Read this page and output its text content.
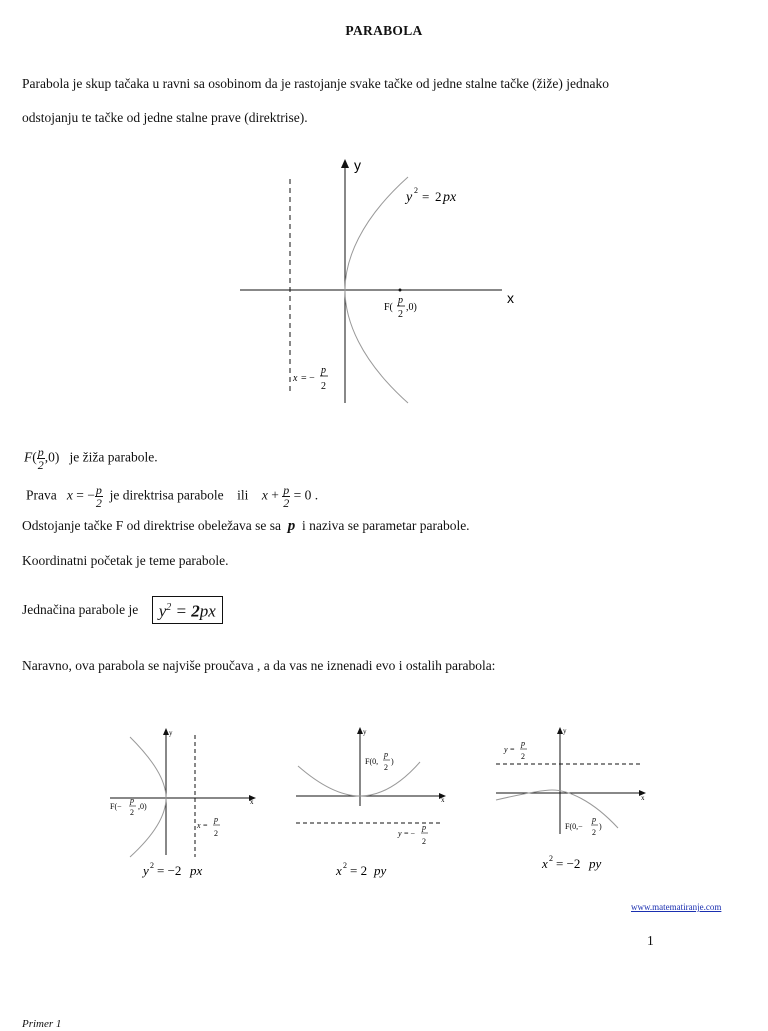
PARABOLA
Parabola je skup tačaka u ravni sa osobinom da je rastojanje svake tačke od jedne stalne tačke (žiže) jednako
odstojanju te tačke od jedne stalne prave (direktrise).
y
x
y 2 = 2 px
F(
p
2
,0)
x = −
p
2
$F( \frac{p}{2} ,0)$   je žiža parabole.
Prava x = − $\frac{p}{2}$ je direktrisa parabole ili $x + \frac{p}{2} = 0$ .
Odstojanje tačke F od direktrise obeležava se sa p i naziva se parametar parabole.
Koordinatni početak je teme parabole.
Jednačina parabole je $y^2 = 2px$
Naravno, ova parabola se najviše proučava , a da vas ne iznenadi evo i ostalih parabola:
y
x
F(−
p
2
,0)
x =
p
2
y 2 = −2 px
y
x
F(0,
p
2
)
y = −
p
2
x 2 = 2 py
y
x
y =
p
2
F(0,−
p
2
)
x 2 = −2 py
www.matematiranje.com
1
Primer 1
